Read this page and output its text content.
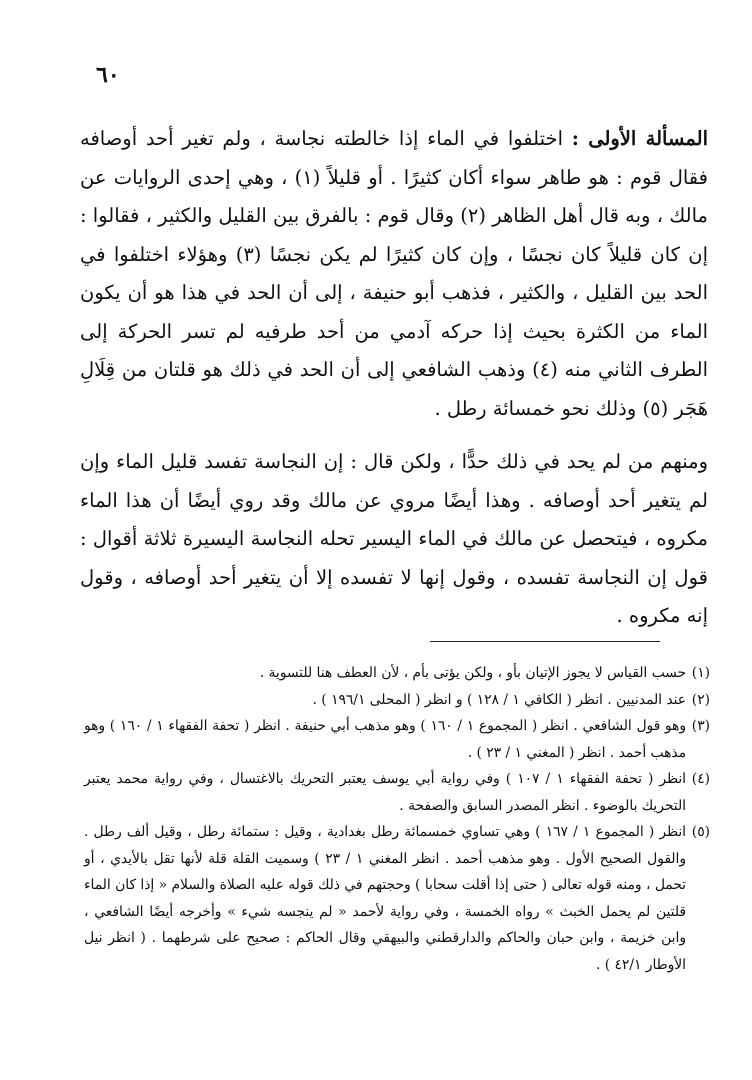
٦٠

المسألة الأولى : اختلفوا في الماء إذا خالطته نجاسة ، ولم تغير أحد أوصافه فقال قوم : هو طاهر سواء أكان كثيرًا . أو قليلاً (١) ، وهي إحدى الروايات عن مالك ، وبه قال أهل الظاهر (٢) وقال قوم : بالفرق بين القليل والكثير ، فقالوا : إن كان قليلاً كان نجسًا ، وإن كان كثيرًا لم يكن نجسًا (٣) وهؤلاء اختلفوا في الحد بين القليل ، والكثير ، فذهب أبو حنيفة ، إلى أن الحد في هذا هو أن يكون الماء من الكثرة بحيث إذا حركه آدمي من أحد طرفيه لم تسر الحركة إلى الطرف الثاني منه (٤) وذهب الشافعي إلى أن الحد في ذلك هو قلتان من قِلَالِ هَجَر (٥) وذلك نحو خمسائة رطل .

ومنهم من لم يحد في ذلك حدًّا ، ولكن قال : إن النجاسة تفسد قليل الماء وإن لم يتغير أحد أوصافه . وهذا أيضًا مروي عن مالك وقد روي أيضًا أن هذا الماء مكروه ، فيتحصل عن مالك في الماء اليسير تحله النجاسة اليسيرة ثلاثة أقوال : قول إن النجاسة تفسده ، وقول إنها لا تفسده إلا أن يتغير أحد أوصافه ، وقول إنه مكروه .

(١)
حسب القياس لا يجوز الإتيان بأو ، ولكن يؤتى بأم ، لأن العطف هنا للتسوية .

(٢)
عند المدنيين . انظر ( الكافي ١ / ١٢٨ ) و انظر ( المحلى ١٩٦/١ ) .

(٣)
وهو قول الشافعي . انظر ( المجموع ١ / ١٦٠ ) وهو مذهب أبي حنيفة . انظر ( تحفة الفقهاء ١ / ١٦٠ ) وهو مذهب أحمد . انظر ( المغني ١ / ٢٣ ) .

(٤)
انظر ( تحفة الفقهاء ١ / ١٠٧ ) وفي رواية أبي يوسف يعتبر التحريك بالاغتسال ، وفي رواية محمد يعتبر التحريك بالوضوء . انظر المصدر السابق والصفحة .

(٥)
انظر ( المجموع ١ / ١٦٧ ) وهي تساوي خمسمائة رطل بغدادية ، وقيل : ستمائة رطل ، وقيل ألف رطل . والقول الصحيح الأول . وهو مذهب أحمد . انظر المغني ١ / ٢٣ ) وسميت القلة قلة لأنها تقل بالأيدي ، أو تحمل ، ومنه قوله تعالى ( حتى إذا أقلت سحابا ) وحجتهم في ذلك قوله عليه الصلاة والسلام « إذا كان الماء قلتين لم يحمل الخبث » رواه الخمسة ، وفي رواية لأحمد « لم ينجسه شيء » وأخرجه أيضًا الشافعي ، وابن خزيمة ، وابن حبان والحاكم والدارقطني والبيهقي وقال الحاكم : صحيح على شرطهما . ( انظر نيل الأوطار ٤٢/١ ) .
